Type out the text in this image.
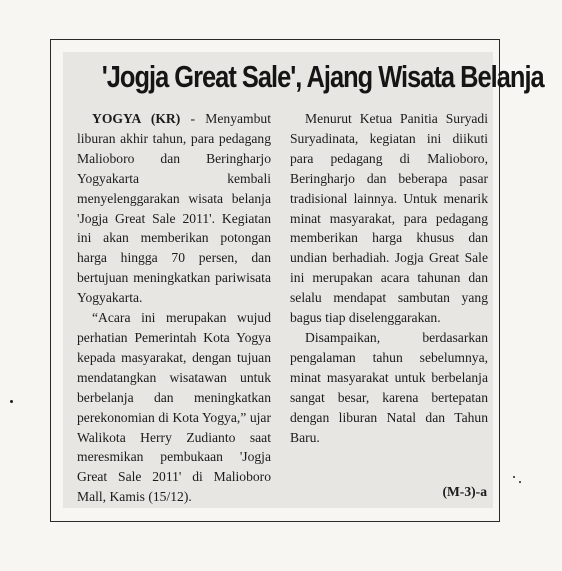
'Jogja Great Sale', Ajang Wisata Belanja

YOGYA (KR) - Menyambut liburan akhir tahun, para pedagang Malioboro dan Beringharjo Yogyakarta kembali menyelenggarakan wisata belanja 'Jogja Great Sale 2011'. Kegiatan ini akan memberikan potongan harga hingga 70 persen, dan bertujuan meningkatkan pariwisata Yogyakarta.

“Acara ini merupakan wujud perhatian Pemerintah Kota Yogya kepada masyarakat, dengan tujuan mendatangkan wisatawan untuk berbelanja dan meningkatkan perekonomian di Kota Yogya,” ujar Walikota Herry Zudianto saat meresmikan pembukaan 'Jogja Great Sale 2011' di Malioboro Mall, Kamis (15/12).

Menurut Ketua Panitia Suryadi Suryadinata, kegiatan ini diikuti para pedagang di Malioboro, Beringharjo dan beberapa pasar tradisional lainnya. Untuk menarik minat masyarakat, para pedagang memberikan harga khusus dan undian berhadiah. Jogja Great Sale ini merupakan acara tahunan dan selalu mendapat sambutan yang bagus tiap diselenggarakan.

Disampaikan, berdasarkan pengalaman tahun sebelumnya, minat masyarakat untuk berbelanja sangat besar, karena bertepatan dengan liburan Natal dan Tahun Baru.

(M-3)-a
